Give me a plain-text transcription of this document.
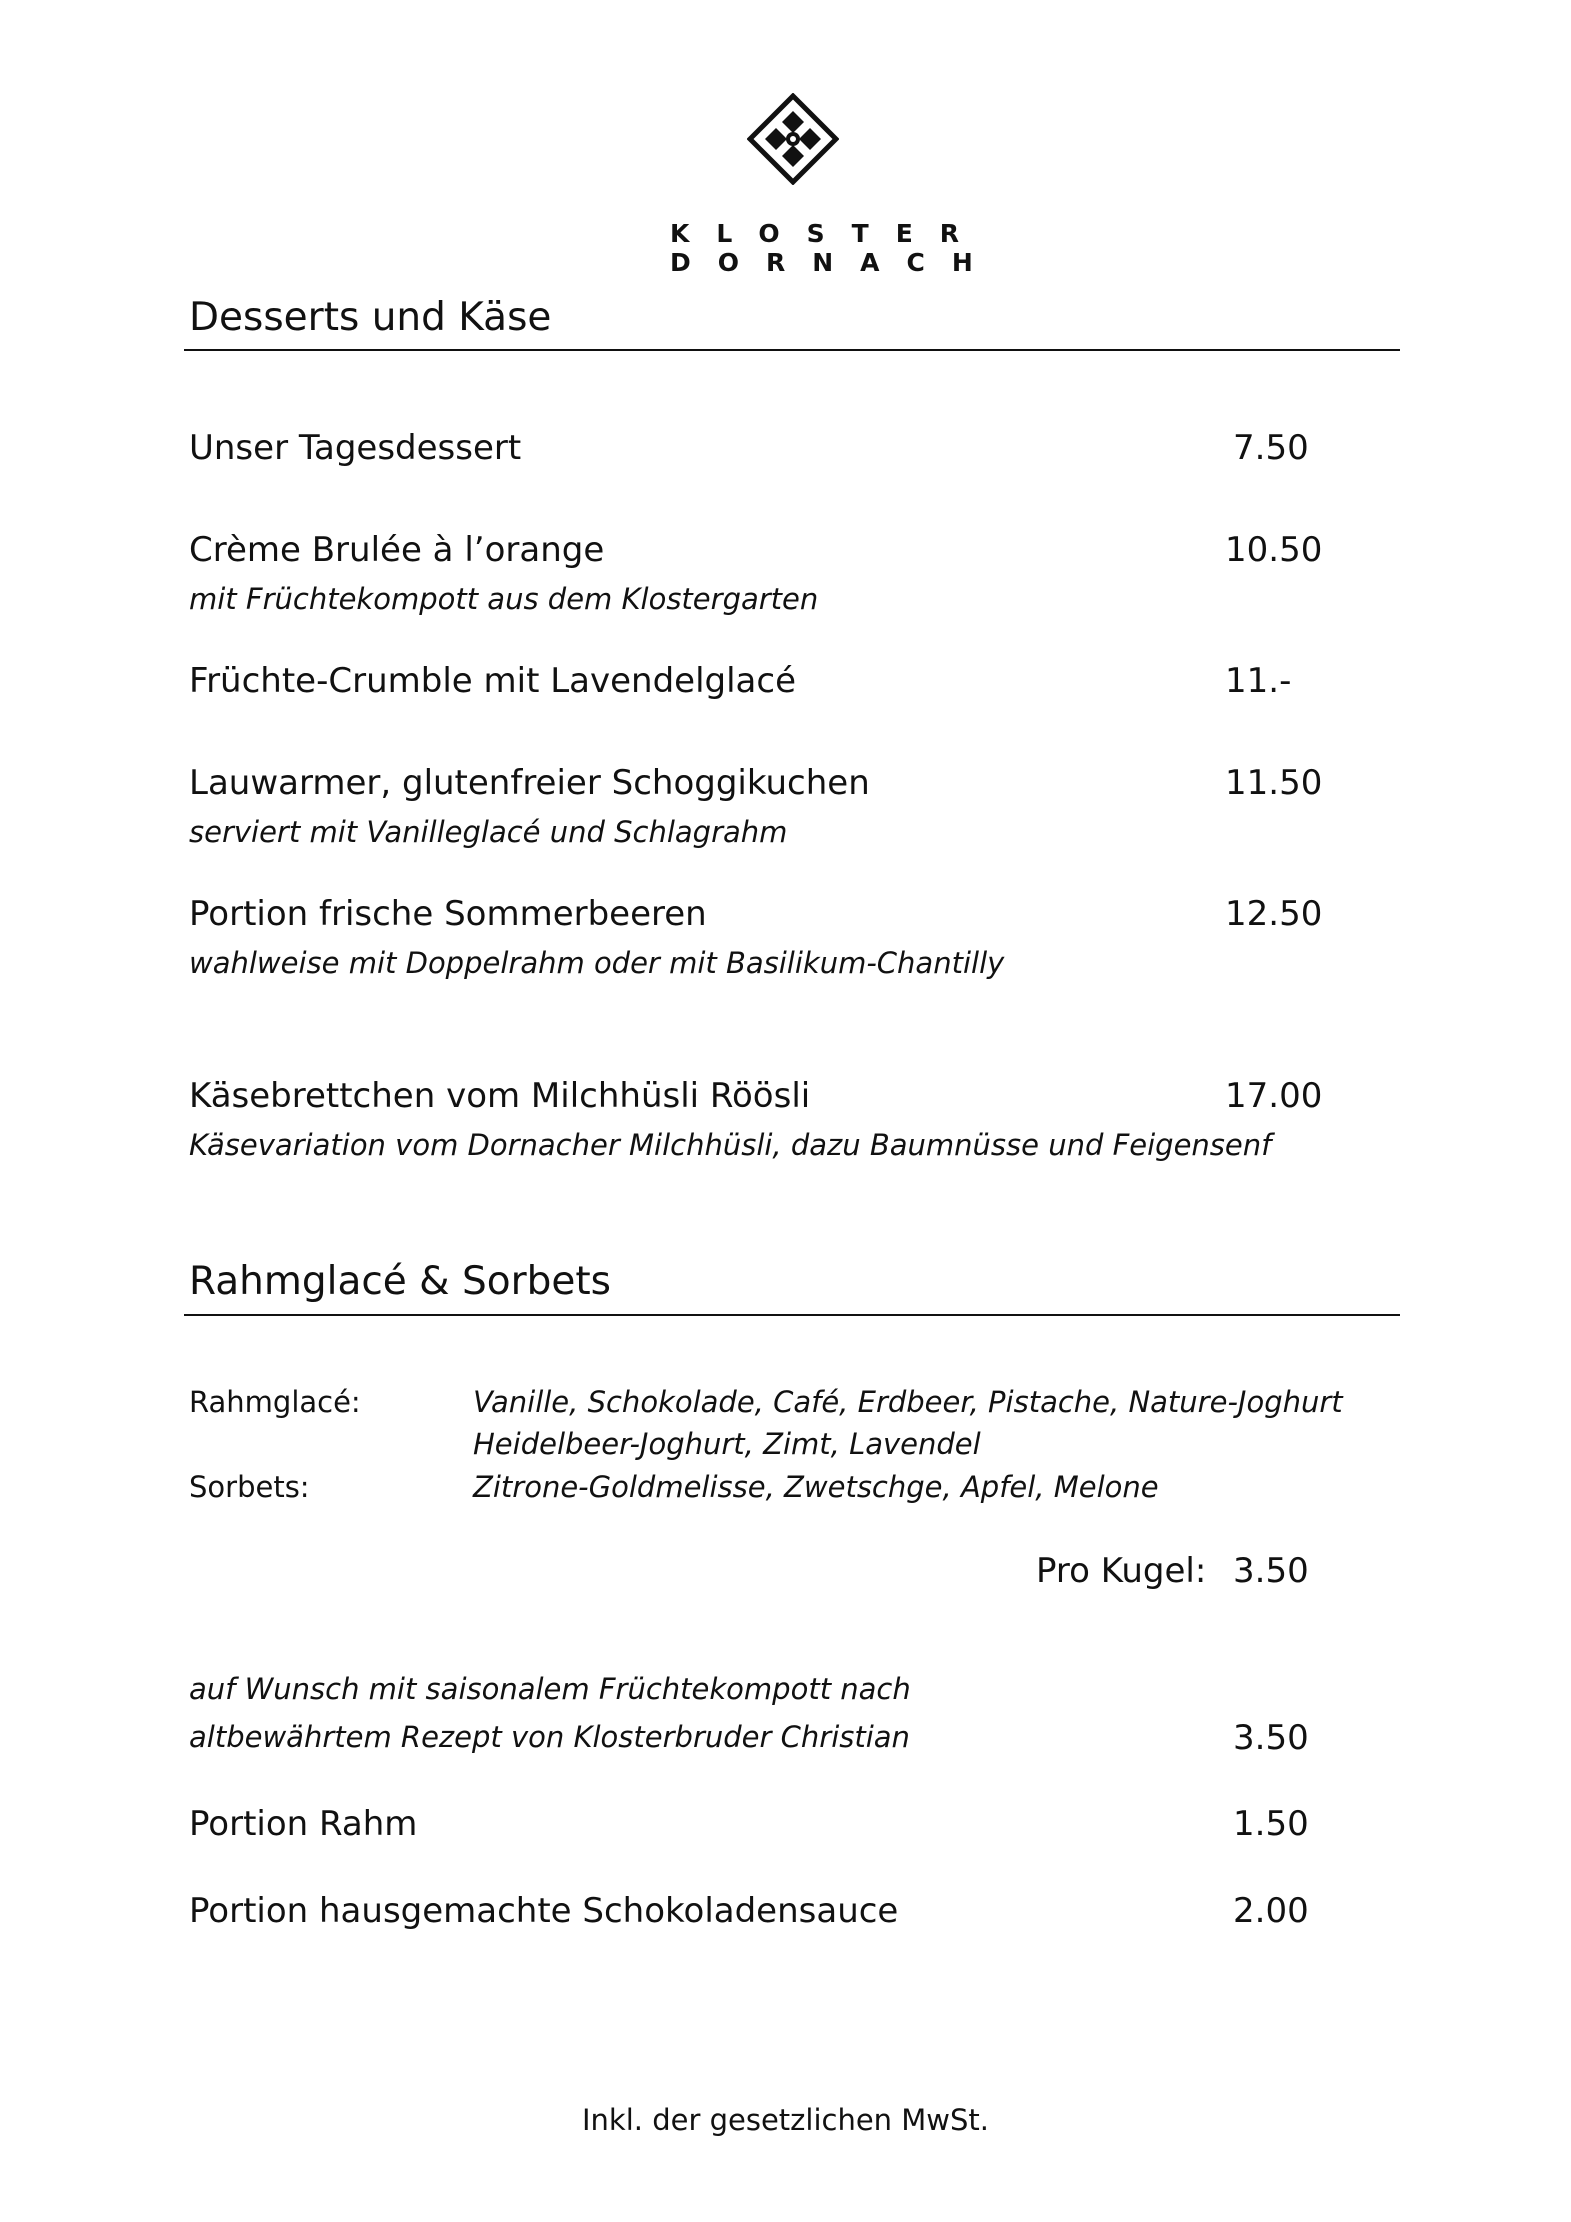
KLOSTER
DORNACH
Desserts und Käse
Unser Tagesdessert	7.50
Crème Brulée à l’orange	10.50
mit Früchtekompott aus dem Klostergarten
Früchte-Crumble mit Lavendelglacé	11.-
Lauwarmer, glutenfreier Schoggikuchen	11.50
serviert mit Vanilleglacé und Schlagrahm
Portion frische Sommerbeeren	12.50
wahlweise mit Doppelrahm oder mit Basilikum-Chantilly
Käsebrettchen vom Milchhüsli Röösli	17.00
Käsevariation vom Dornacher Milchhüsli, dazu Baumnüsse und Feigensenf
Rahmglacé & Sorbets
Rahmglacé:	Vanille, Schokolade, Café, Erdbeer, Pistache, Nature-Joghurt
Heidelbeer-Joghurt, Zimt, Lavendel
Sorbets:	Zitrone-Goldmelisse, Zwetschge, Apfel, Melone
Pro Kugel: 3.50
auf Wunsch mit saisonalem Früchtekompott nach
altbewährtem Rezept von Klosterbruder Christian	3.50
Portion Rahm	1.50
Portion hausgemachte Schokoladensauce	2.00
Inkl. der gesetzlichen MwSt.
